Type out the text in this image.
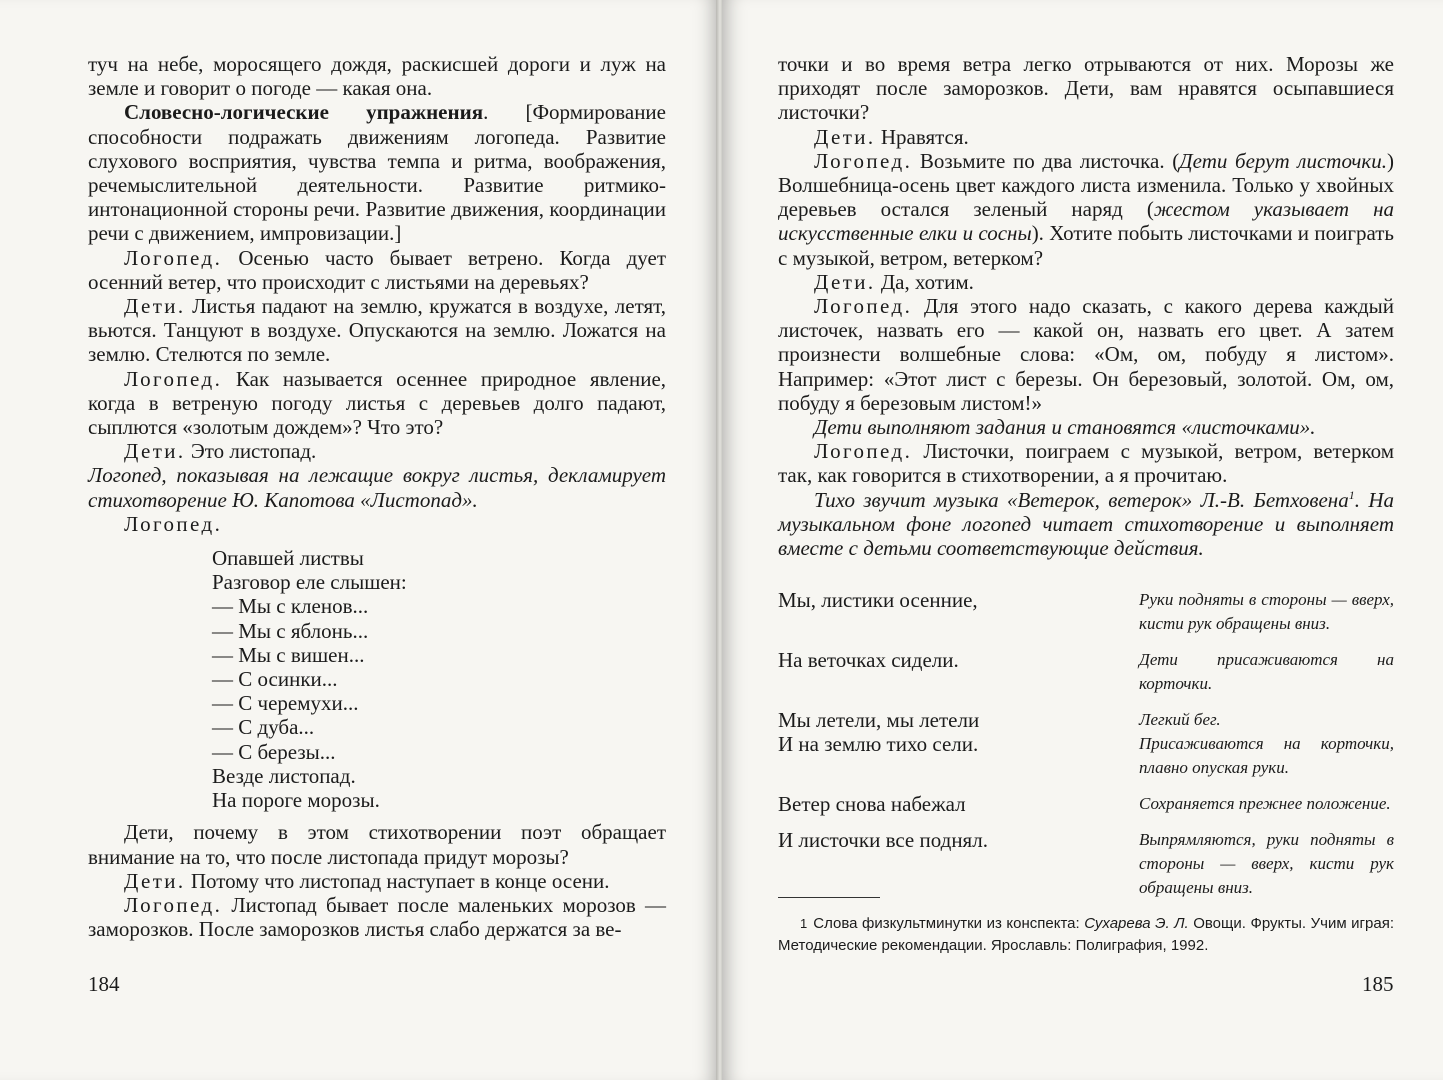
туч на небе, моросящего дождя, раскисшей дороги и луж на земле и говорит о погоде — какая она.

Словесно-логические упражнения. [Формирование способности подражать движениям логопеда. Развитие слухового восприятия, чувства темпа и ритма, воображения, речемыслительной деятельности. Развитие ритмико-интонационной стороны речи. Развитие движения, координации речи с движением, импровизации.]

Логопед. Осенью часто бывает ветрено. Когда дует осенний ветер, что происходит с листьями на деревьях?

Дети. Листья падают на землю, кружатся в воздухе, летят, вьются. Танцуют в воздухе. Опускаются на землю. Ложатся на землю. Стелются по земле.

Логопед. Как называется осеннее природное явление, когда в ветреную погоду листья с деревьев долго падают, сыплются «золотым дождем»? Что это?

Дети. Это листопад.

Логопед, показывая на лежащие вокруг листья, декламирует стихотворение Ю. Капотова «Листопад».

Логопед.

Опавшей листвы
Разговор еле слышен:
— Мы с кленов...
— Мы с яблонь...
— Мы с вишен...
— С осинки...
— С черемухи...
— С дуба...
— С березы...
Везде листопад.
На пороге морозы.

Дети, почему в этом стихотворении поэт обращает внимание на то, что после листопада придут морозы?

Дети. Потому что листопад наступает в конце осени.

Логопед. Листопад бывает после маленьких морозов — заморозков. После заморозков листья слабо держатся за ве-

184

точки и во время ветра легко отрываются от них. Морозы же приходят после заморозков. Дети, вам нравятся осыпавшиеся листочки?

Дети. Нравятся.

Логопед. Возьмите по два листочка. (Дети берут листочки.) Волшебница-осень цвет каждого листа изменила. Только у хвойных деревьев остался зеленый наряд (жестом указывает на искусственные елки и сосны). Хотите побыть листочками и поиграть с музыкой, ветром, ветерком?

Дети. Да, хотим.

Логопед. Для этого надо сказать, с какого дерева каждый листочек, назвать его — какой он, назвать его цвет. А затем произнести волшебные слова: «Ом, ом, побуду я листом». Например: «Этот лист с березы. Он березовый, золотой. Ом, ом, побуду я березовым листом!»

Дети выполняют задания и становятся «листочками».

Логопед. Листочки, поиграем с музыкой, ветром, ветерком так, как говорится в стихотворении, а я прочитаю.

Тихо звучит музыка «Ветерок, ветерок» Л.-В. Бетховена$^1$. На музыкальном фоне логопед читает стихотворение и выполняет вместе с детьми соответствующие действия.

Мы, листики осенние,	Руки подняты в стороны — вверх, кисти рук обращены вниз.
На веточках сидели.	Дети присаживаются на корточки.
Мы летели, мы летели	Легкий бег.
И на землю тихо сели.	Присаживаются на корточки, плавно опуская руки.
Ветер снова набежал	Сохраняется прежнее положение.
И листочки все поднял.	Выпрямляются, руки подняты в стороны — вверх, кисти рук обращены вниз.
1 Слова физкультминутки из конспекта: Сухарева Э. Л. Овощи. Фрукты. Учим играя: Методические рекомендации. Ярославль: Полиграфия, 1992.
185
